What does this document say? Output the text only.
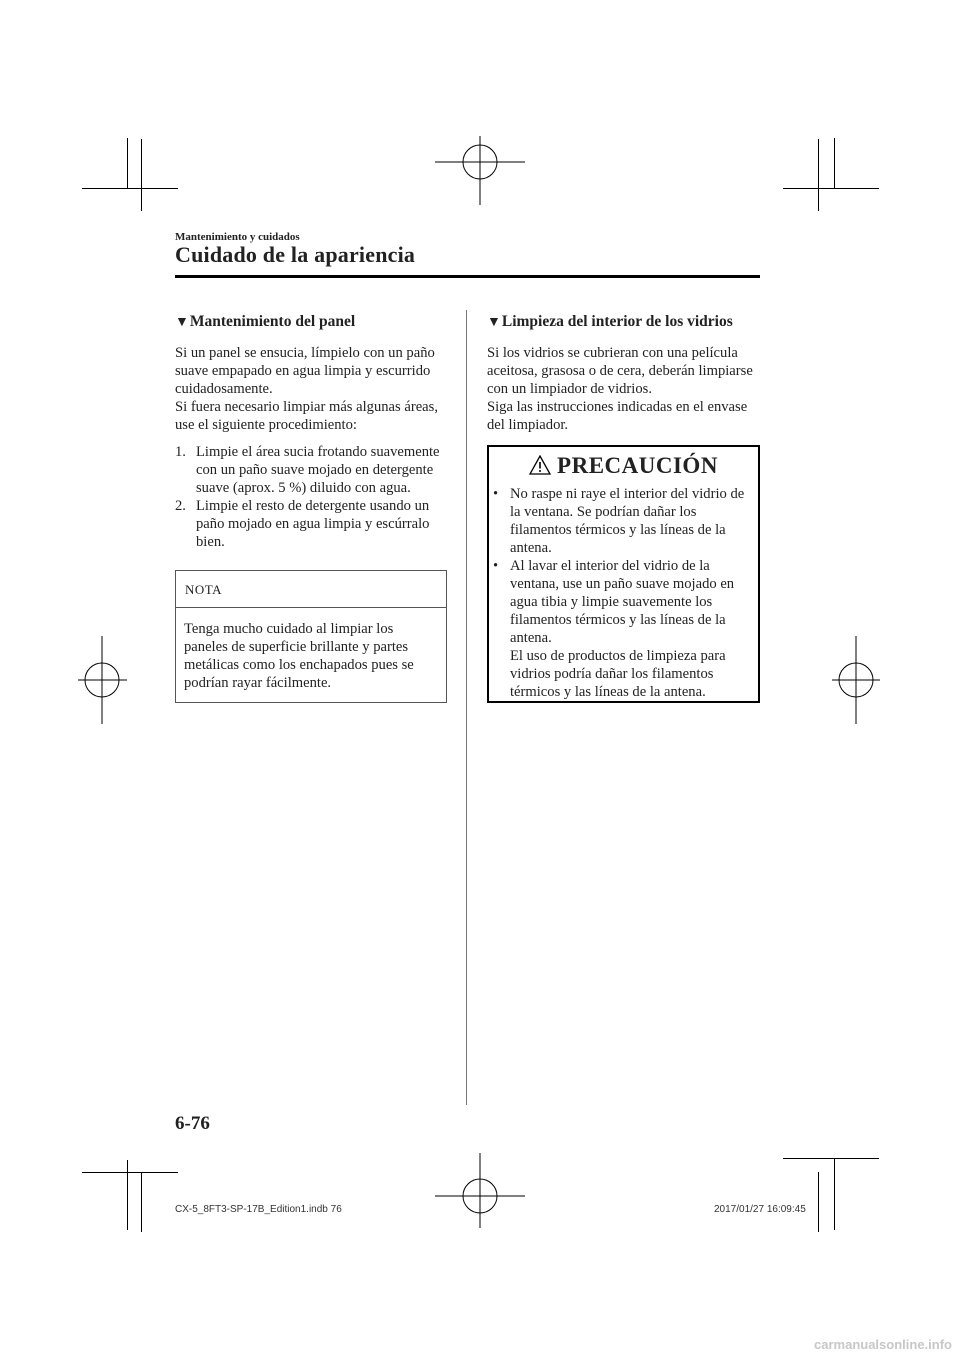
Mantenimiento y cuidados
Cuidado de la apariencia
▼Mantenimiento del panel

Si un panel se ensucia, límpielo con un paño suave empapado en agua limpia y escurrido cuidadosamente.

Si fuera necesario limpiar más algunas áreas, use el siguiente procedimiento:

1. Limpie el área sucia frotando suavemente con un paño suave mojado en detergente suave (aprox. 5 %) diluido con agua.
2. Limpie el resto de detergente usando un paño mojado en agua limpia y escúrralo bien.
NOTA
Tenga mucho cuidado al limpiar los paneles de superficie brillante y partes metálicas como los enchapados pues se podrían rayar fácilmente.
▼Limpieza del interior de los vidrios

Si los vidrios se cubrieran con una película aceitosa, grasosa o de cera, deberán limpiarse con un limpiador de vidrios.

Siga las instrucciones indicadas en el envase del limpiador.

PRECAUCIÓN
• No raspe ni raye el interior del vidrio de la ventana. Se podrían dañar los filamentos térmicos y las líneas de la antena.
• Al lavar el interior del vidrio de la ventana, use un paño suave mojado en agua tibia y limpie suavemente los filamentos térmicos y las líneas de la antena.
El uso de productos de limpieza para vidrios podría dañar los filamentos térmicos y las líneas de la antena.
6-76
CX-5_8FT3-SP-17B_Edition1.indb 76	2017/01/27 16:09:45
carmanualsonline.info
